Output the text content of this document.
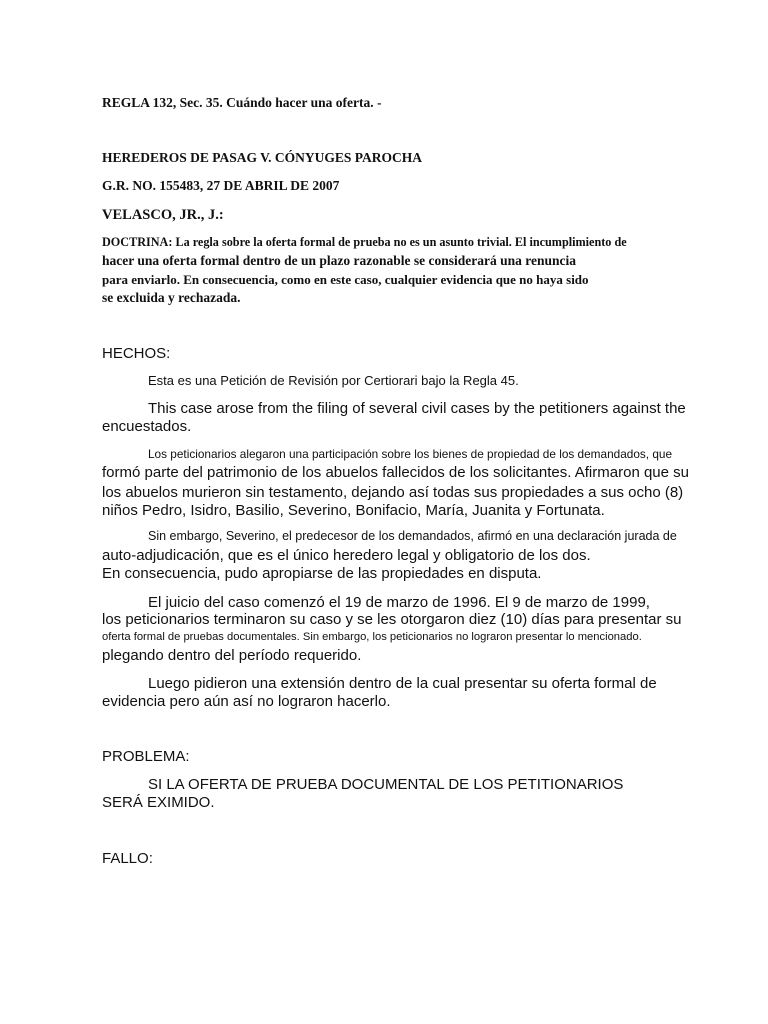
REGLA 132, Sec. 35. Cuándo hacer una oferta. -
HEREDEROS DE PASAG V. CÓNYUGES PAROCHA
G.R. NO. 155483, 27 DE ABRIL DE 2007
VELASCO, JR., J.:
DOCTRINA: La regla sobre la oferta formal de prueba no es un asunto trivial. El incumplimiento de
hacer una oferta formal dentro de un plazo razonable se considerará una renuncia
para enviarlo. En consecuencia, como en este caso, cualquier evidencia que no haya sido
se excluida y rechazada.
HECHOS:
Esta es una Petición de Revisión por Certiorari bajo la Regla 45.
This case arose from the filing of several civil cases by the petitioners against the
encuestados.
Los peticionarios alegaron una participación sobre los bienes de propiedad de los demandados, que
formó parte del patrimonio de los abuelos fallecidos de los solicitantes. Afirmaron que su
los abuelos murieron sin testamento, dejando así todas sus propiedades a sus ocho (8)
niños Pedro, Isidro, Basilio, Severino, Bonifacio, María, Juanita y Fortunata.
Sin embargo, Severino, el predecesor de los demandados, afirmó en una declaración jurada de
auto-adjudicación, que es el único heredero legal y obligatorio de los dos.
En consecuencia, pudo apropiarse de las propiedades en disputa.
El juicio del caso comenzó el 19 de marzo de 1996. El 9 de marzo de 1999,
los peticionarios terminaron su caso y se les otorgaron diez (10) días para presentar su
oferta formal de pruebas documentales. Sin embargo, los peticionarios no lograron presentar lo mencionado.
plegando dentro del período requerido.
Luego pidieron una extensión dentro de la cual presentar su oferta formal de
evidencia pero aún así no lograron hacerlo.
PROBLEMA:
SI LA OFERTA DE PRUEBA DOCUMENTAL DE LOS PETITIONARIOS
SERÁ EXIMIDO.
FALLO:
